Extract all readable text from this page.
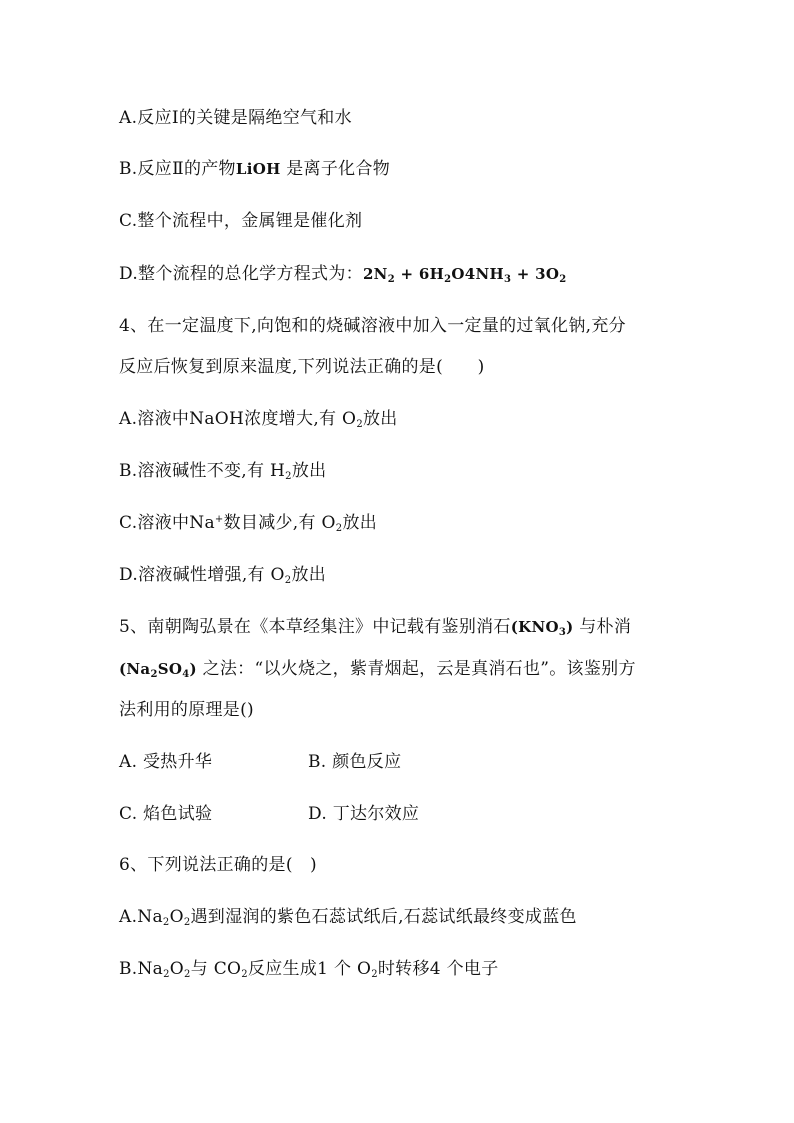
A.反应Ⅰ的关键是隔绝空气和水
B.反应Ⅱ的产物LiOH 是离子化合物
C.整个流程中，金属锂是催化剂
D.整个流程的总化学方程式为：$2N_2 + 6H_2O4NH_3 + 3O_2$
4、在一定温度下,向饱和的烧碱溶液中加入一定量的过氧化钠,充分
反应后恢复到原来温度,下列说法正确的是(　　)
A.溶液中NaOH浓度增大,有 $O_2$放出
B.溶液碱性不变,有 $H_2$放出
C.溶液中Na+数目减少,有 $O_2$放出
D.溶液碱性增强,有 $O_2$放出
5、南朝陶弘景在《本草经集注》中记载有鉴别消石$(KNO_3)$ 与朴消
$(Na_2SO_4)$ 之法：“以火烧之，紫青烟起，云是真消石也”。该鉴别方
法利用的原理是()
A. 受热升华	B. 颜色反应
C. 焰色试验	D. 丁达尔效应
6、下列说法正确的是(　)
$A.Na_2O_2$遇到湿润的紫色石蕊试纸后,石蕊试纸最终变成蓝色
$B.Na_2O_2$与 $CO_2$反应生成1 个 $O_2$时转移4 个电子
